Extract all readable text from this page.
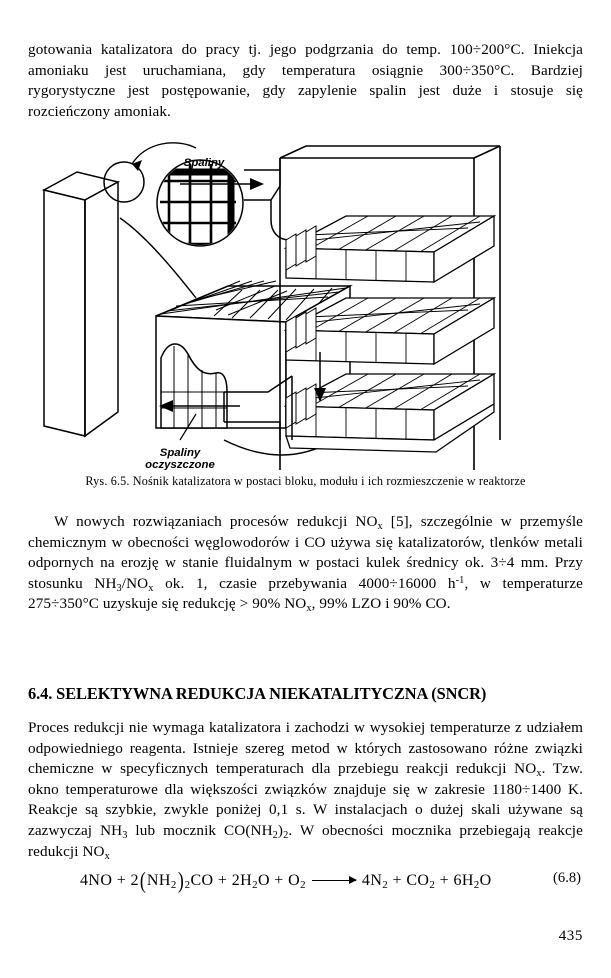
gotowania katalizatora do pracy tj. jego podgrzania do temp. 100÷200°C. Iniekcja amoniaku jest uruchamiana, gdy temperatura osiągnie 300÷350°C. Bardziej rygorystyczne jest postępowanie, gdy zapylenie spalin jest duże i stosuje się rozcieńczony amoniak.

Spaliny
Spaliny
oczyszczone
Rys. 6.5. Nośnik katalizatora w postaci bloku, modułu i ich rozmieszczenie w reaktorze

W nowych rozwiązaniach procesów redukcji $NO_x$ [5], szczególnie w przemyśle chemicznym w obecności węglowodorów i CO używa się katalizatorów, tlenków metali odpornych na erozję w stanie fluidalnym w postaci kulek średnicy ok. 3÷4 mm. Przy stosunku $NH_3/NO_x$ ok. 1, czasie przebywania 4000÷16000 $h^{-1}$, w temperaturze 275÷350°C uzyskuje się redukcję > 90% $NO_x$, 99% LZO i 90% CO.

6.4. SELEKTYWNA REDUKCJA NIEKATALITYCZNA (SNCR)

Proces redukcji nie wymaga katalizatora i zachodzi w wysokiej temperaturze z udziałem odpowiedniego reagenta. Istnieje szereg metod w których zastosowano różne związki chemiczne w specyficznych temperaturach dla przebiegu reakcji redukcji $NO_x$. Tzw. okno temperaturowe dla większości związków znajduje się w zakresie 1180÷1400 K. Reakcje są szybkie, zwykle poniżej 0,1 s. W instalacjach o dużej skali używane są zazwyczaj $NH_3$ lub mocznik $CO(NH_2)_2$. W obecności mocznika przebiegają reakcje redukcji $NO_x$

$4NO + 2(NH_2)_2CO + 2H_2O + O_2 \to 4N_2 + CO_2 + 6H_2O$	(6.8)
435
